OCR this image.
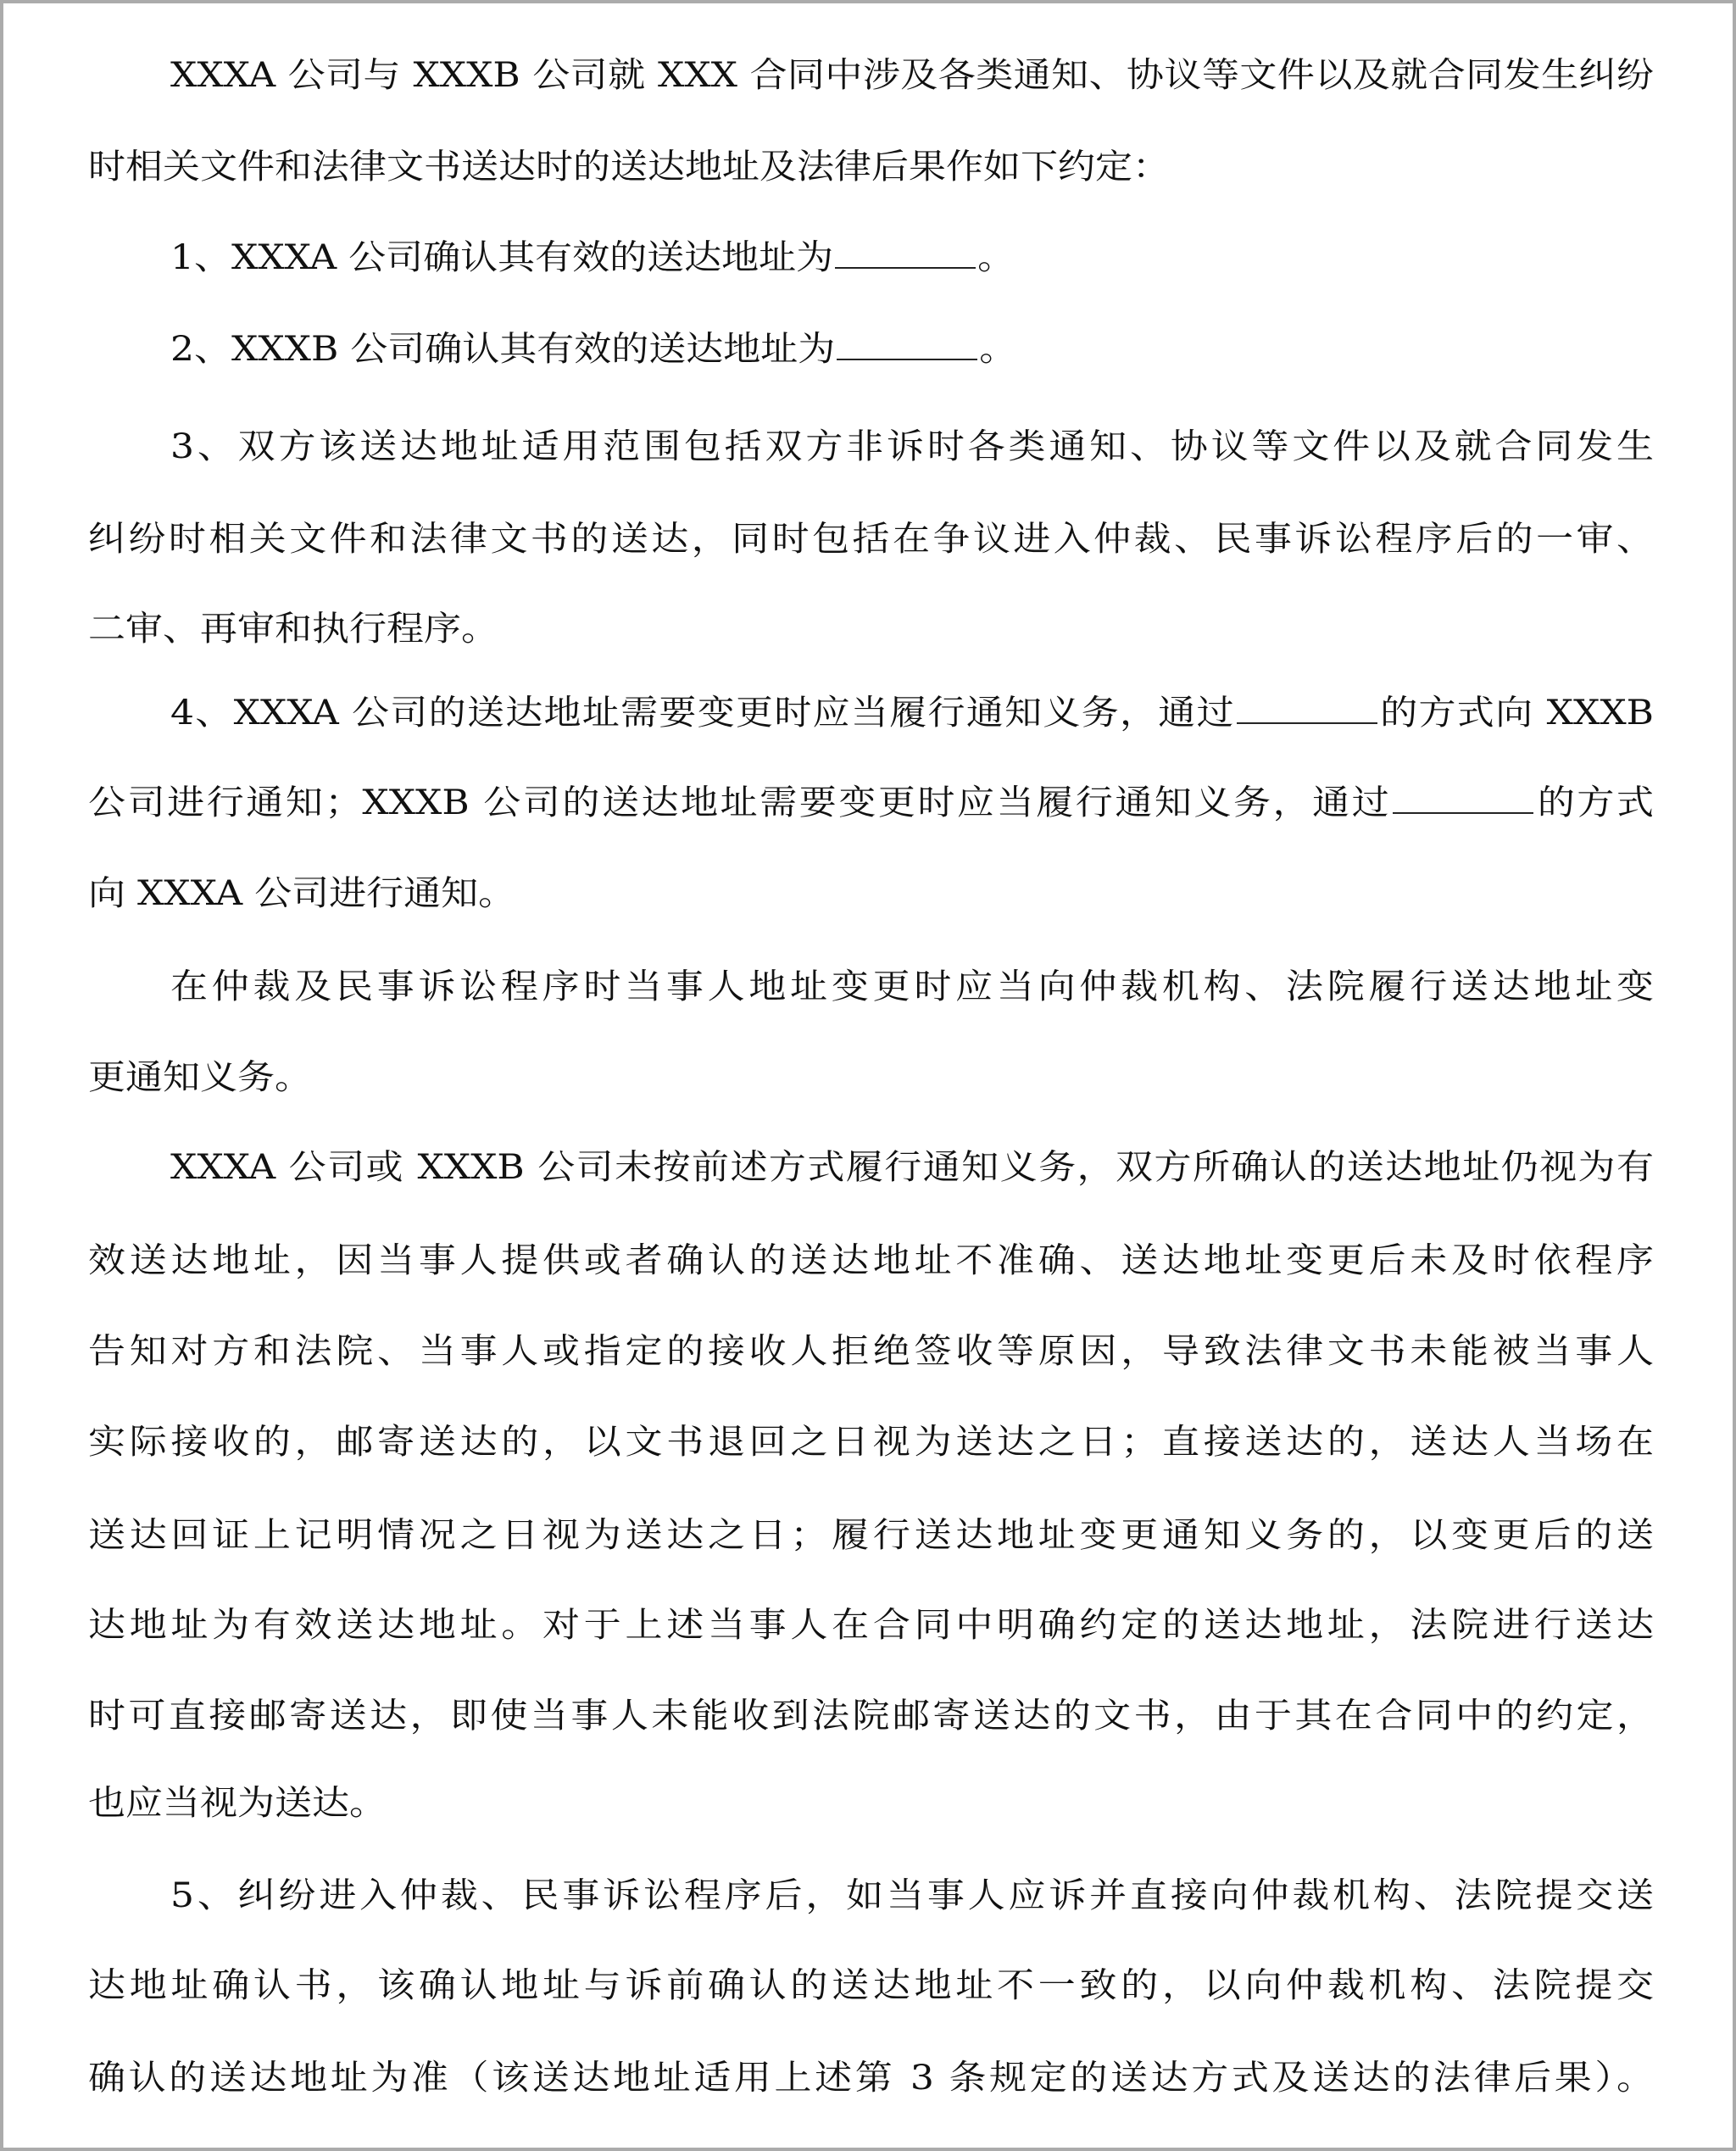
XXXA 公司与 XXXB 公司就 XXX 合同中涉及各类通知、协议等文件以及就合同发生纠纷
时相关文件和法律文书送达时的送达地址及法律后果作如下约定：
1、XXXA 公司确认其有效的送达地址为	。
2、XXXB 公司确认其有效的送达地址为	。
3、双方该送达地址适用范围包括双方非诉时各类通知、协议等文件以及就合同发生
纠纷时相关文件和法律文书的送达，同时包括在争议进入仲裁、民事诉讼程序后的一审、
二审、再审和执行程序。
4、XXXA 公司的送达地址需要变更时应当履行通知义务，通过	的方式向 XXXB
公司进行通知；XXXB 公司的送达地址需要变更时应当履行通知义务，通过	的方式
向 XXXA 公司进行通知。
在仲裁及民事诉讼程序时当事人地址变更时应当向仲裁机构、法院履行送达地址变
更通知义务。
XXXA 公司或 XXXB 公司未按前述方式履行通知义务，双方所确认的送达地址仍视为有
效送达地址，因当事人提供或者确认的送达地址不准确、送达地址变更后未及时依程序
告知对方和法院、当事人或指定的接收人拒绝签收等原因，导致法律文书未能被当事人
实际接收的，邮寄送达的，以文书退回之日视为送达之日；直接送达的，送达人当场在
送达回证上记明情况之日视为送达之日；履行送达地址变更通知义务的，以变更后的送
达地址为有效送达地址。对于上述当事人在合同中明确约定的送达地址，法院进行送达
时可直接邮寄送达，即使当事人未能收到法院邮寄送达的文书，由于其在合同中的约定，
也应当视为送达。
5、纠纷进入仲裁、民事诉讼程序后，如当事人应诉并直接向仲裁机构、法院提交送
达地址确认书，该确认地址与诉前确认的送达地址不一致的，以向仲裁机构、法院提交
确认的送达地址为准（该送达地址适用上述第 3 条规定的送达方式及送达的法律后果）。
